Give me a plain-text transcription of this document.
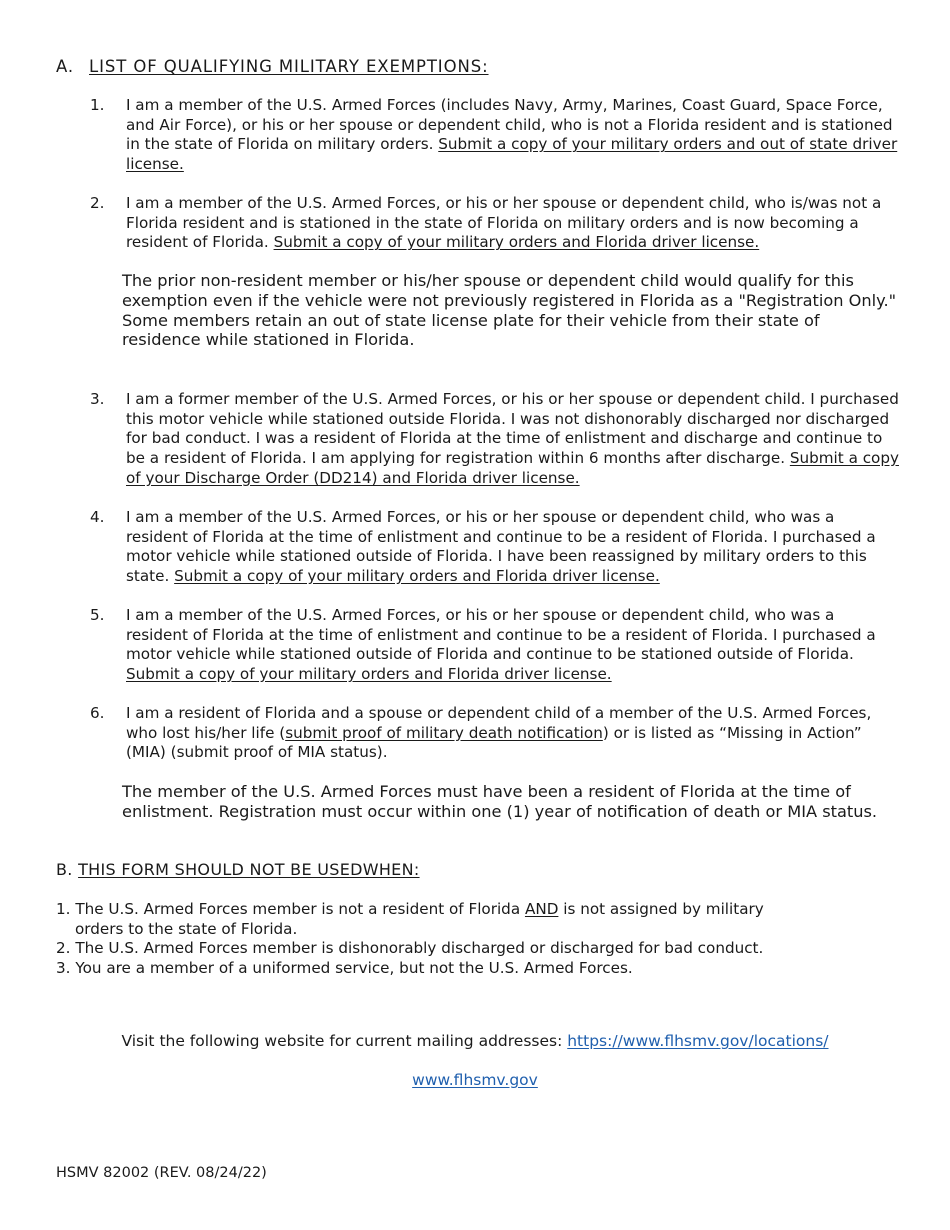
A. LIST OF QUALIFYING MILITARY EXEMPTIONS:
1.	I am a member of the U.S. Armed Forces (includes Navy, Army, Marines, Coast Guard, Space Force, and Air Force), or his or her spouse or dependent child, who is not a Florida resident and is stationed in the state of Florida on military orders. Submit a copy of your military orders and out of state driver license.
2.	I am a member of the U.S. Armed Forces, or his or her spouse or dependent child, who is/was not a Florida resident and is stationed in the state of Florida on military orders and is now becoming a resident of Florida. Submit a copy of your military orders and Florida driver license.
The prior non-resident member or his/her spouse or dependent child would qualify for this exemption even if the vehicle were not previously registered in Florida as a "Registration Only." Some members retain an out of state license plate for their vehicle from their state of residence while stationed in Florida.
3.	I am a former member of the U.S. Armed Forces, or his or her spouse or dependent child. I purchased this motor vehicle while stationed outside Florida. I was not dishonorably discharged nor discharged for bad conduct. I was a resident of Florida at the time of enlistment and discharge and continue to be a resident of Florida. I am applying for registration within 6 months after discharge. Submit a copy of your Discharge Order (DD214) and Florida driver license.
4.	I am a member of the U.S. Armed Forces, or his or her spouse or dependent child, who was a resident of Florida at the time of enlistment and continue to be a resident of Florida. I purchased a motor vehicle while stationed outside of Florida. I have been reassigned by military orders to this state. Submit a copy of your military orders and Florida driver license.
5.	I am a member of the U.S. Armed Forces, or his or her spouse or dependent child, who was a resident of Florida at the time of enlistment and continue to be a resident of Florida. I purchased a motor vehicle while stationed outside of Florida and continue to be stationed outside of Florida. Submit a copy of your military orders and Florida driver license.
6.	I am a resident of Florida and a spouse or dependent child of a member of the U.S. Armed Forces, who lost his/her life (submit proof of military death notification) or is listed as “Missing in Action” (MIA) (submit proof of MIA status).
The member of the U.S. Armed Forces must have been a resident of Florida at the time of enlistment. Registration must occur within one (1) year of notification of death or MIA status.
B. THIS FORM SHOULD NOT BE USEDWHEN:
1. The U.S. Armed Forces member is not a resident of Florida AND is not assigned by military orders to the state of Florida.
2. The U.S. Armed Forces member is dishonorably discharged or discharged for bad conduct.
3. You are a member of a uniformed service, but not the U.S. Armed Forces.
Visit the following website for current mailing addresses: https://www.flhsmv.gov/locations/
www.flhsmv.gov
HSMV 82002 (REV. 08/24/22)
